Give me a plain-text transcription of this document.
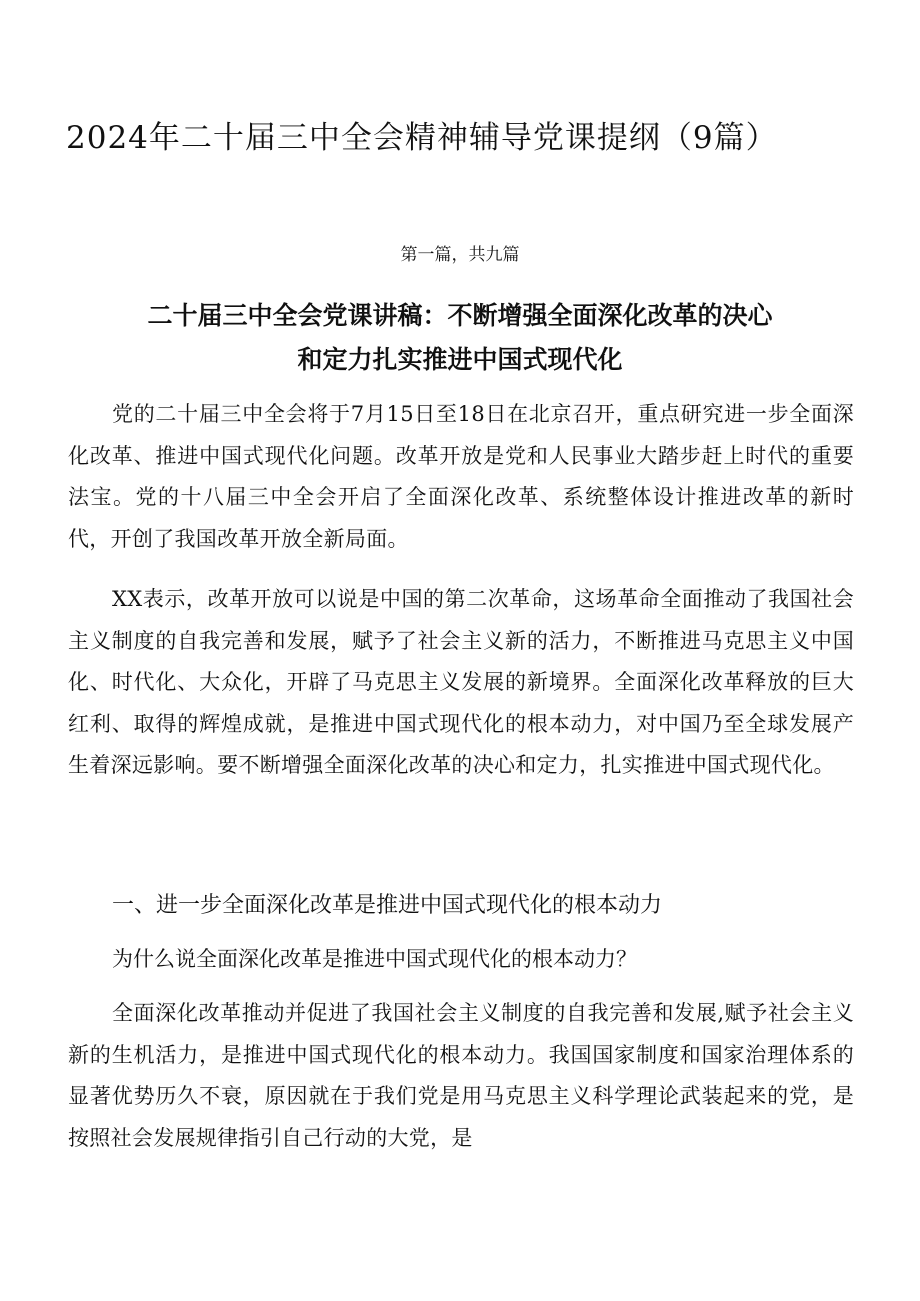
2024年二十届三中全会精神辅导党课提纲（9篇）

第一篇，共九篇

二十届三中全会党课讲稿：不断增强全面深化改革的决心
和定力扎实推进中国式现代化

党的二十届三中全会将于7月15日至18日在北京召开，重点研究进一步全面深化改革、推进中国式现代化问题。改革开放是党和人民事业大踏步赶上时代的重要法宝。党的十八届三中全会开启了全面深化改革、系统整体设计推进改革的新时代，开创了我国改革开放全新局面。

XX表示，改革开放可以说是中国的第二次革命，这场革命全面推动了我国社会主义制度的自我完善和发展，赋予了社会主义新的活力，不断推进马克思主义中国化、时代化、大众化，开辟了马克思主义发展的新境界。全面深化改革释放的巨大红利、取得的辉煌成就，是推进中国式现代化的根本动力，对中国乃至全球发展产生着深远影响。要不断增强全面深化改革的决心和定力，扎实推进中国式现代化。

一、进一步全面深化改革是推进中国式现代化的根本动力

为什么说全面深化改革是推进中国式现代化的根本动力？

全面深化改革推动并促进了我国社会主义制度的自我完善和发展,赋予社会主义新的生机活力，是推进中国式现代化的根本动力。我国国家制度和国家治理体系的显著优势历久不衰，原因就在于我们党是用马克思主义科学理论武装起来的党，是按照社会发展规律指引自己行动的大党，是
